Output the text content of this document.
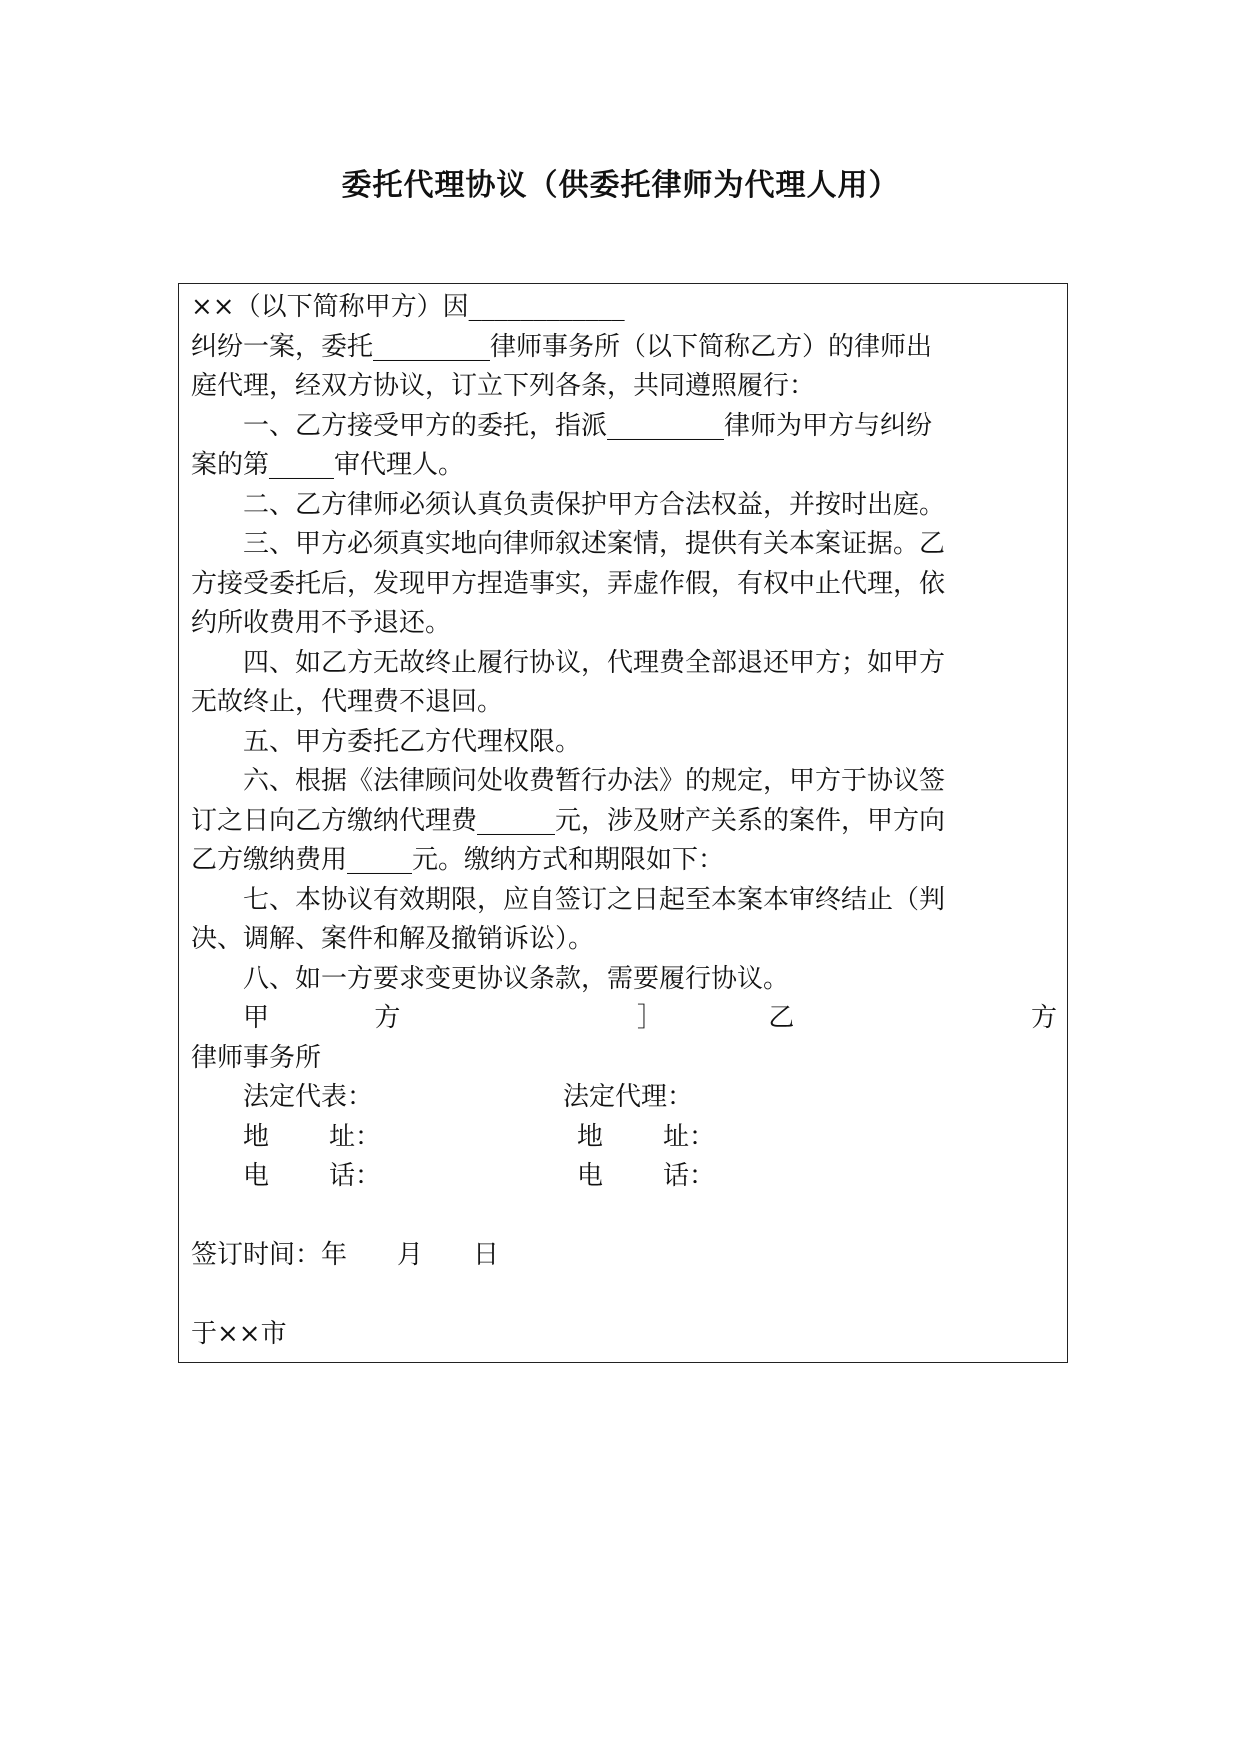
委托代理协议（供委托律师为代理人用）
××（以下简称甲方）因____________
纠纷一案，委托_________律师事务所（以下简称乙方）的律师出
庭代理，经双方协议，订立下列各条，共同遵照履行：
一、乙方接受甲方的委托，指派_________律师为甲方与纠纷
案的第_____审代理人。
二、乙方律师必须认真负责保护甲方合法权益，并按时出庭。
三、甲方必须真实地向律师叙述案情，提供有关本案证据。乙
方接受委托后，发现甲方捏造事实，弄虚作假，有权中止代理，依
约所收费用不予退还。
四、如乙方无故终止履行协议，代理费全部退还甲方；如甲方
无故终止，代理费不退回。
五、甲方委托乙方代理权限。
六、根据《法律顾问处收费暂行办法》的规定，甲方于协议签
订之日向乙方缴纳代理费______元，涉及财产关系的案件，甲方向
乙方缴纳费用_____元。缴纳方式和期限如下：
七、本协议有效期限，应自签订之日起至本案本审终结止（判
决、调解、案件和解及撤销诉讼）。
八、如一方要求变更协议条款，需要履行协议。
甲	方	］	乙	方
律师事务所
法定代表：	法定代理：
地 址：	地 址：
电 话：	电 话：
签订时间：年 月 日
于××市
